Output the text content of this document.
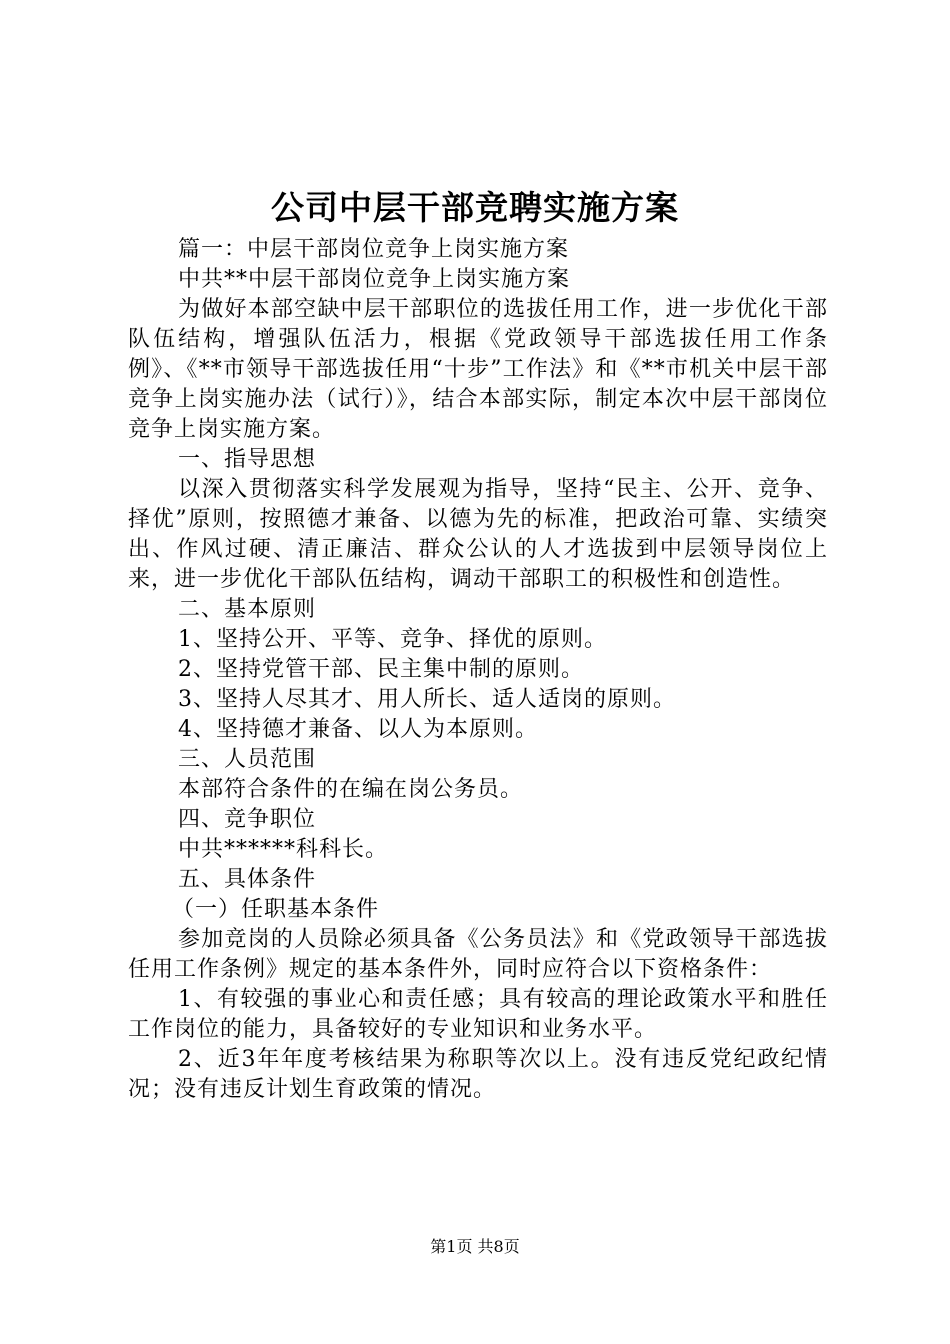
公司中层干部竞聘实施方案

篇一：中层干部岗位竞争上岗实施方案

中共**中层干部岗位竞争上岗实施方案

为做好本部空缺中层干部职位的选拔任用工作，进一步优化干部队伍结构，增强队伍活力，根据《党政领导干部选拔任用工作条例》、《**市领导干部选拔任用“十步”工作法》和《**市机关中层干部竞争上岗实施办法（试行）》，结合本部实际，制定本次中层干部岗位竞争上岗实施方案。

一、指导思想

以深入贯彻落实科学发展观为指导，坚持“民主、公开、竞争、择优”原则，按照德才兼备、以德为先的标准，把政治可靠、实绩突出、作风过硬、清正廉洁、群众公认的人才选拔到中层领导岗位上来，进一步优化干部队伍结构，调动干部职工的积极性和创造性。

二、基本原则

1、坚持公开、平等、竞争、择优的原则。

2、坚持党管干部、民主集中制的原则。

3、坚持人尽其才、用人所长、适人适岗的原则。

4、坚持德才兼备、以人为本原则。

三、人员范围

本部符合条件的在编在岗公务员。

四、竞争职位

中共******科科长。

五、具体条件

（一）任职基本条件

参加竞岗的人员除必须具备《公务员法》和《党政领导干部选拔任用工作条例》规定的基本条件外，同时应符合以下资格条件：

1、有较强的事业心和责任感；具有较高的理论政策水平和胜任工作岗位的能力，具备较好的专业知识和业务水平。

2、近3年年度考核结果为称职等次以上。没有违反党纪政纪情况；没有违反计划生育政策的情况。

第1页 共8页
